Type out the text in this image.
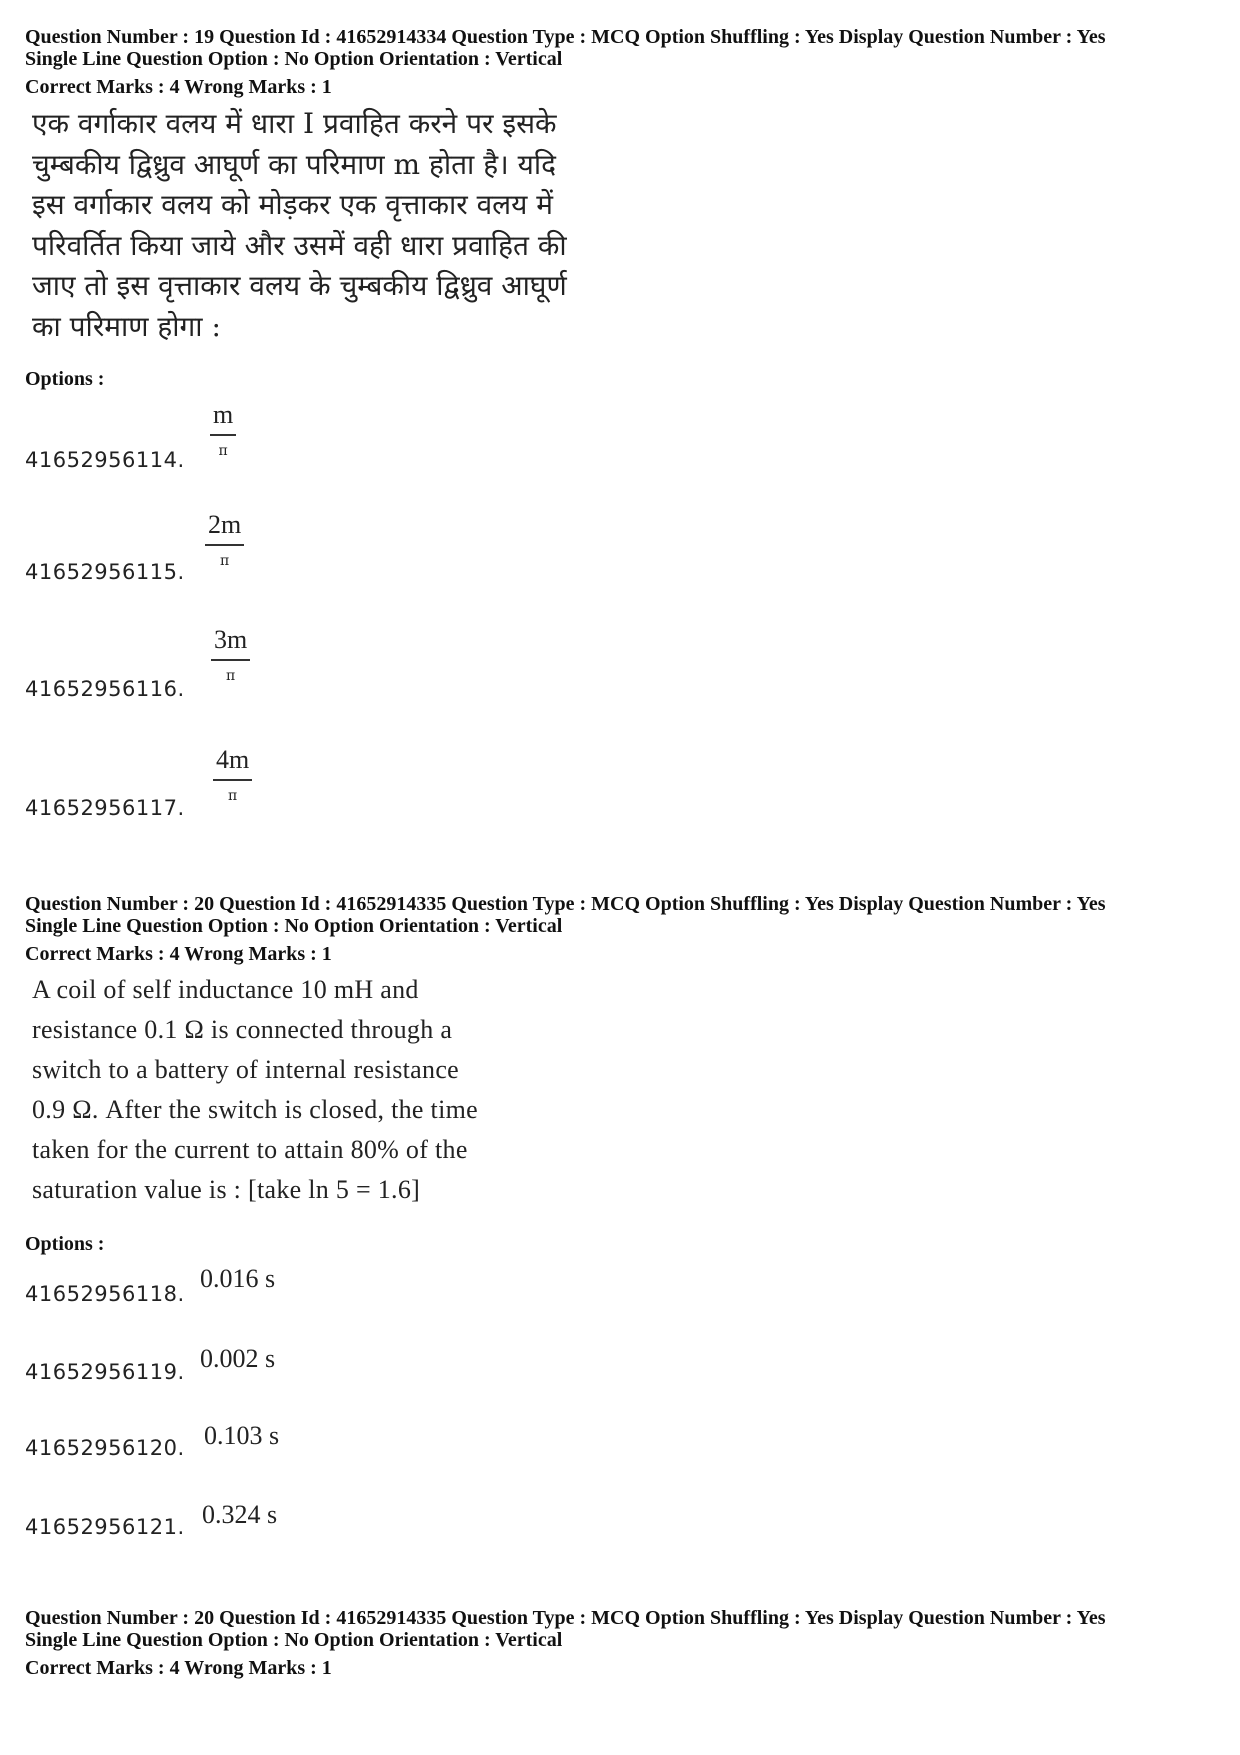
Question Number : 19 Question Id : 41652914334 Question Type : MCQ Option Shuffling : Yes Display Question Number : Yes
Single Line Question Option : No Option Orientation : Vertical
Correct Marks : 4 Wrong Marks : 1
एक वर्गाकार वलय में धारा I प्रवाहित करने पर इसके
चुम्बकीय द्विध्रुव आघूर्ण का परिमाण m होता है। यदि
इस वर्गाकार वलय को मोड़कर एक वृत्ताकार वलय में
परिवर्तित किया जाये और उसमें वही धारा प्रवाहित की
जाए तो इस वृत्ताकार वलय के चुम्बकीय द्विध्रुव आघूर्ण
का परिमाण होगा :
Options :
41652956114.
m
π
41652956115.
2m
π
41652956116.
3m
π
41652956117.
4m
π
Question Number : 20 Question Id : 41652914335 Question Type : MCQ Option Shuffling : Yes Display Question Number : Yes
Single Line Question Option : No Option Orientation : Vertical
Correct Marks : 4 Wrong Marks : 1
A coil of self inductance 10 mH and
resistance 0.1 Ω is connected through a
switch to a battery of internal resistance
0.9 Ω. After the switch is closed, the time
taken for the current to attain 80% of the
saturation value is : [take ln 5 = 1.6]
Options :
41652956118.
0.016 s
41652956119. 0.002 s
41652956120. 0.103 s
41652956121. 0.324 s
Question Number : 20 Question Id : 41652914335 Question Type : MCQ Option Shuffling : Yes Display Question Number : Yes
Single Line Question Option : No Option Orientation : Vertical
Correct Marks : 4 Wrong Marks : 1
